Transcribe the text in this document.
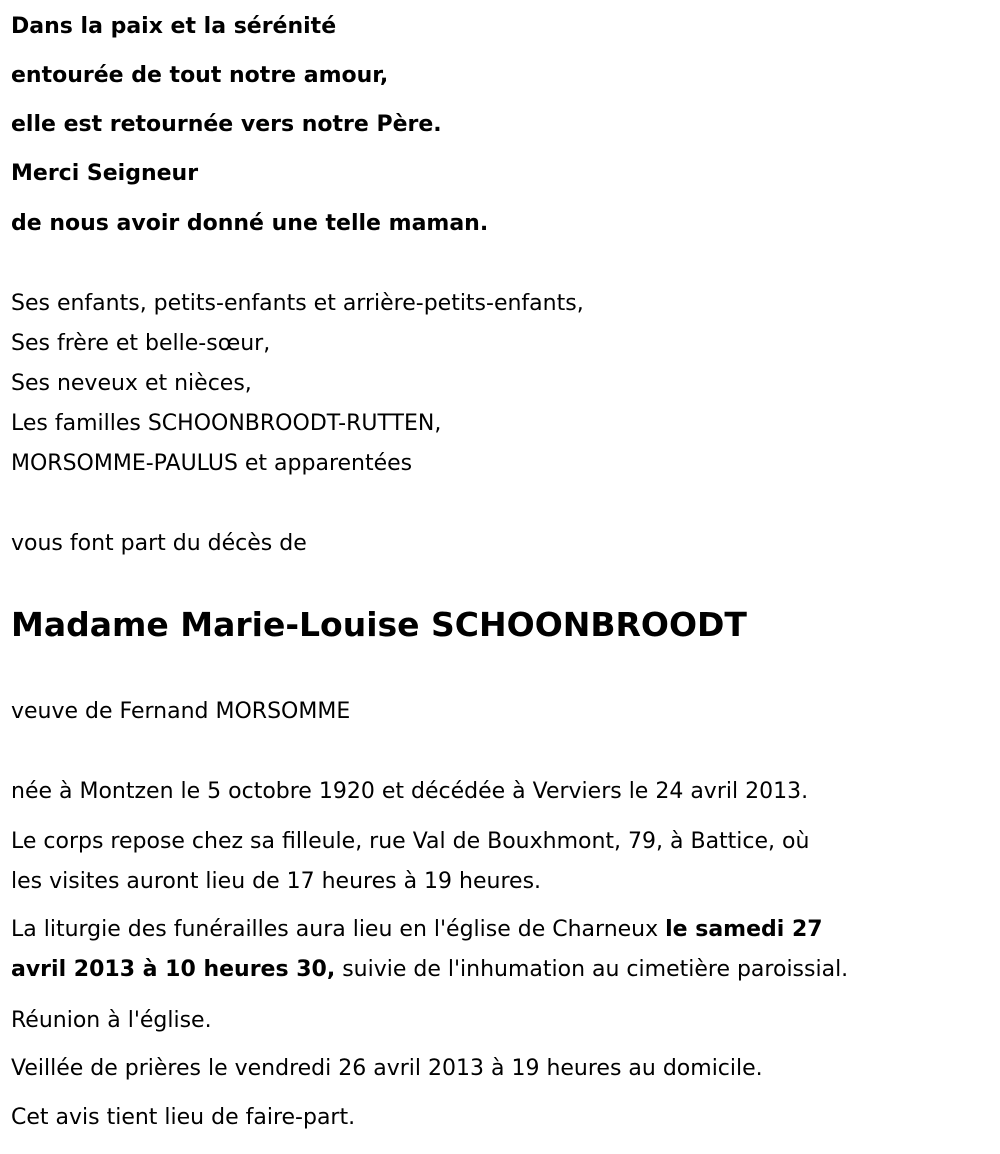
Dans la paix et la sérénité
entourée de tout notre amour,
elle est retournée vers notre Père.
Merci Seigneur
de nous avoir donné une telle maman.
Ses enfants, petits-enfants et arrière-petits-enfants,
Ses frère et belle-sœur,
Ses neveux et nièces,
Les familles SCHOONBROODT-RUTTEN,
MORSOMME-PAULUS et apparentées
vous font part du décès de
Madame Marie-Louise SCHOONBROODT
veuve de Fernand MORSOMME
née à Montzen le 5 octobre 1920 et décédée à Verviers le 24 avril 2013.
Le corps repose chez sa filleule, rue Val de Bouxhmont, 79, à Battice, où
les visites auront lieu de 17 heures à 19 heures.
La liturgie des funérailles aura lieu en l'église de Charneux le samedi 27
avril 2013 à 10 heures 30, suivie de l'inhumation au cimetière paroissial.
Réunion à l'église.
Veillée de prières le vendredi 26 avril 2013 à 19 heures au domicile.
Cet avis tient lieu de faire-part.
